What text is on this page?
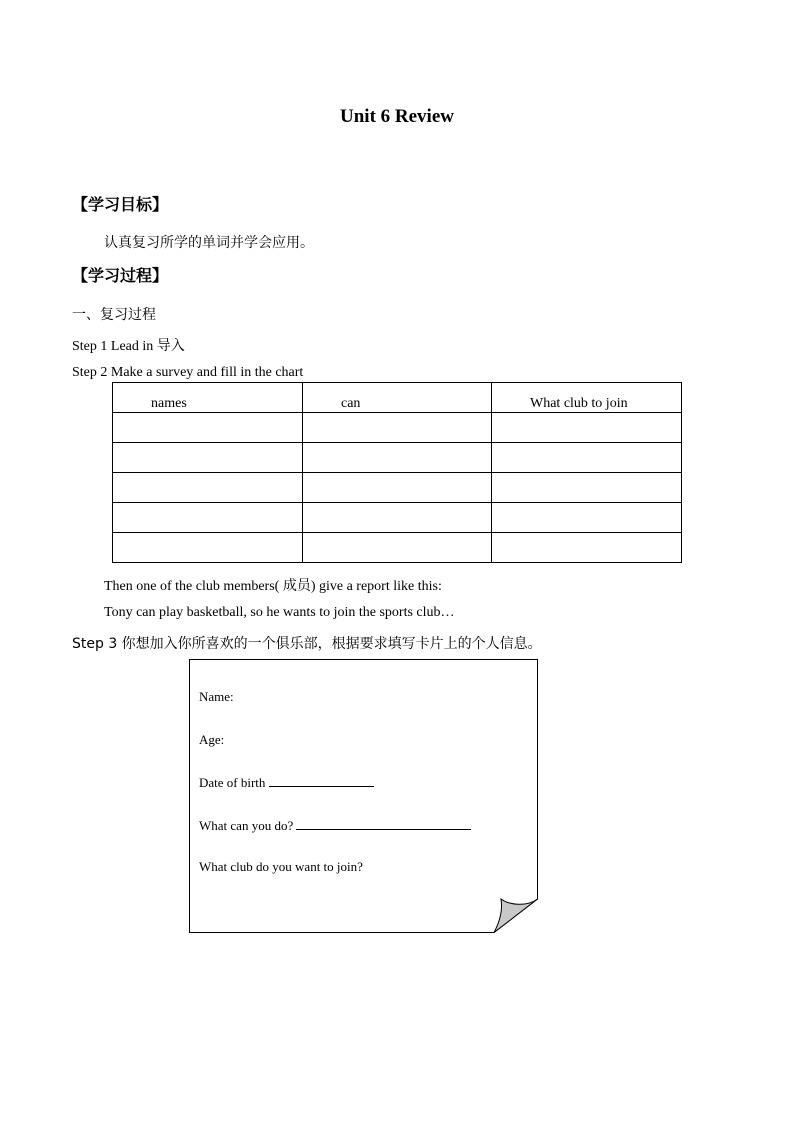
Unit 6 Review
【学习目标】
认真复习所学的单词并学会应用。
【学习过程】
一、复习过程
Step 1 Lead in 导入
Step 2 Make a survey and fill in the chart
names	can	What club to join

Then one of the club members( 成员) give a report like this:
Tony can play basketball, so he wants to join the sports club…
Step 3 你想加入你所喜欢的一个俱乐部，根据要求填写卡片上的个人信息。
Name:
Age:
Date of birth
What can you do?
What club do you want to join?
